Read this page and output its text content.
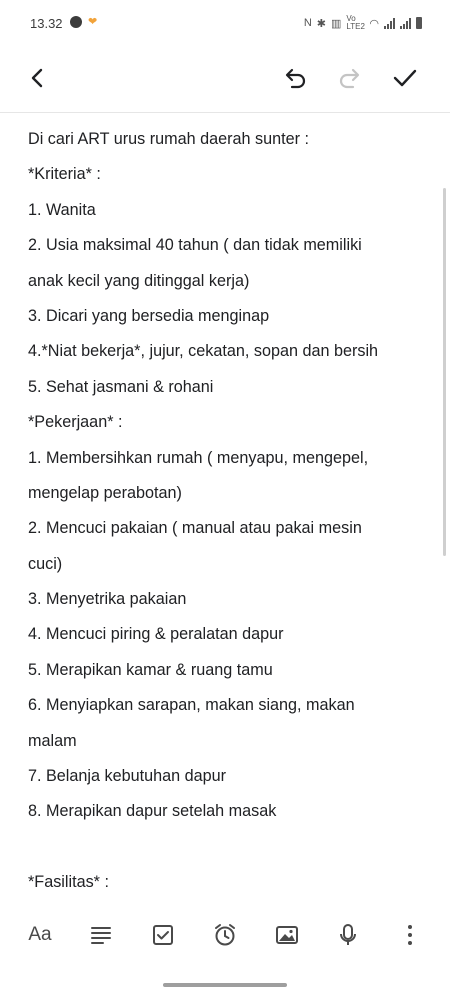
13.32 ❤	N ✱ ▥ Vo LTE2 ◠
Di cari ART urus rumah daerah sunter :
*Kriteria* :
1. Wanita
2. Usia maksimal 40 tahun ( dan tidak memiliki
anak kecil yang ditinggal kerja)
3. Dicari yang bersedia menginap
4.*Niat bekerja*, jujur, cekatan, sopan dan bersih
5. Sehat jasmani & rohani
*Pekerjaan* :
1. Membersihkan rumah ( menyapu, mengepel,
mengelap perabotan)
2. Mencuci pakaian ( manual atau pakai mesin
cuci)
3. Menyetrika pakaian
4. Mencuci piring & peralatan dapur
5. Merapikan kamar & ruang tamu
6. Menyiapkan sarapan, makan siang, makan
malam
7. Belanja kebutuhan dapur
8. Merapikan dapur setelah masak
*Fasilitas* :
Aa
